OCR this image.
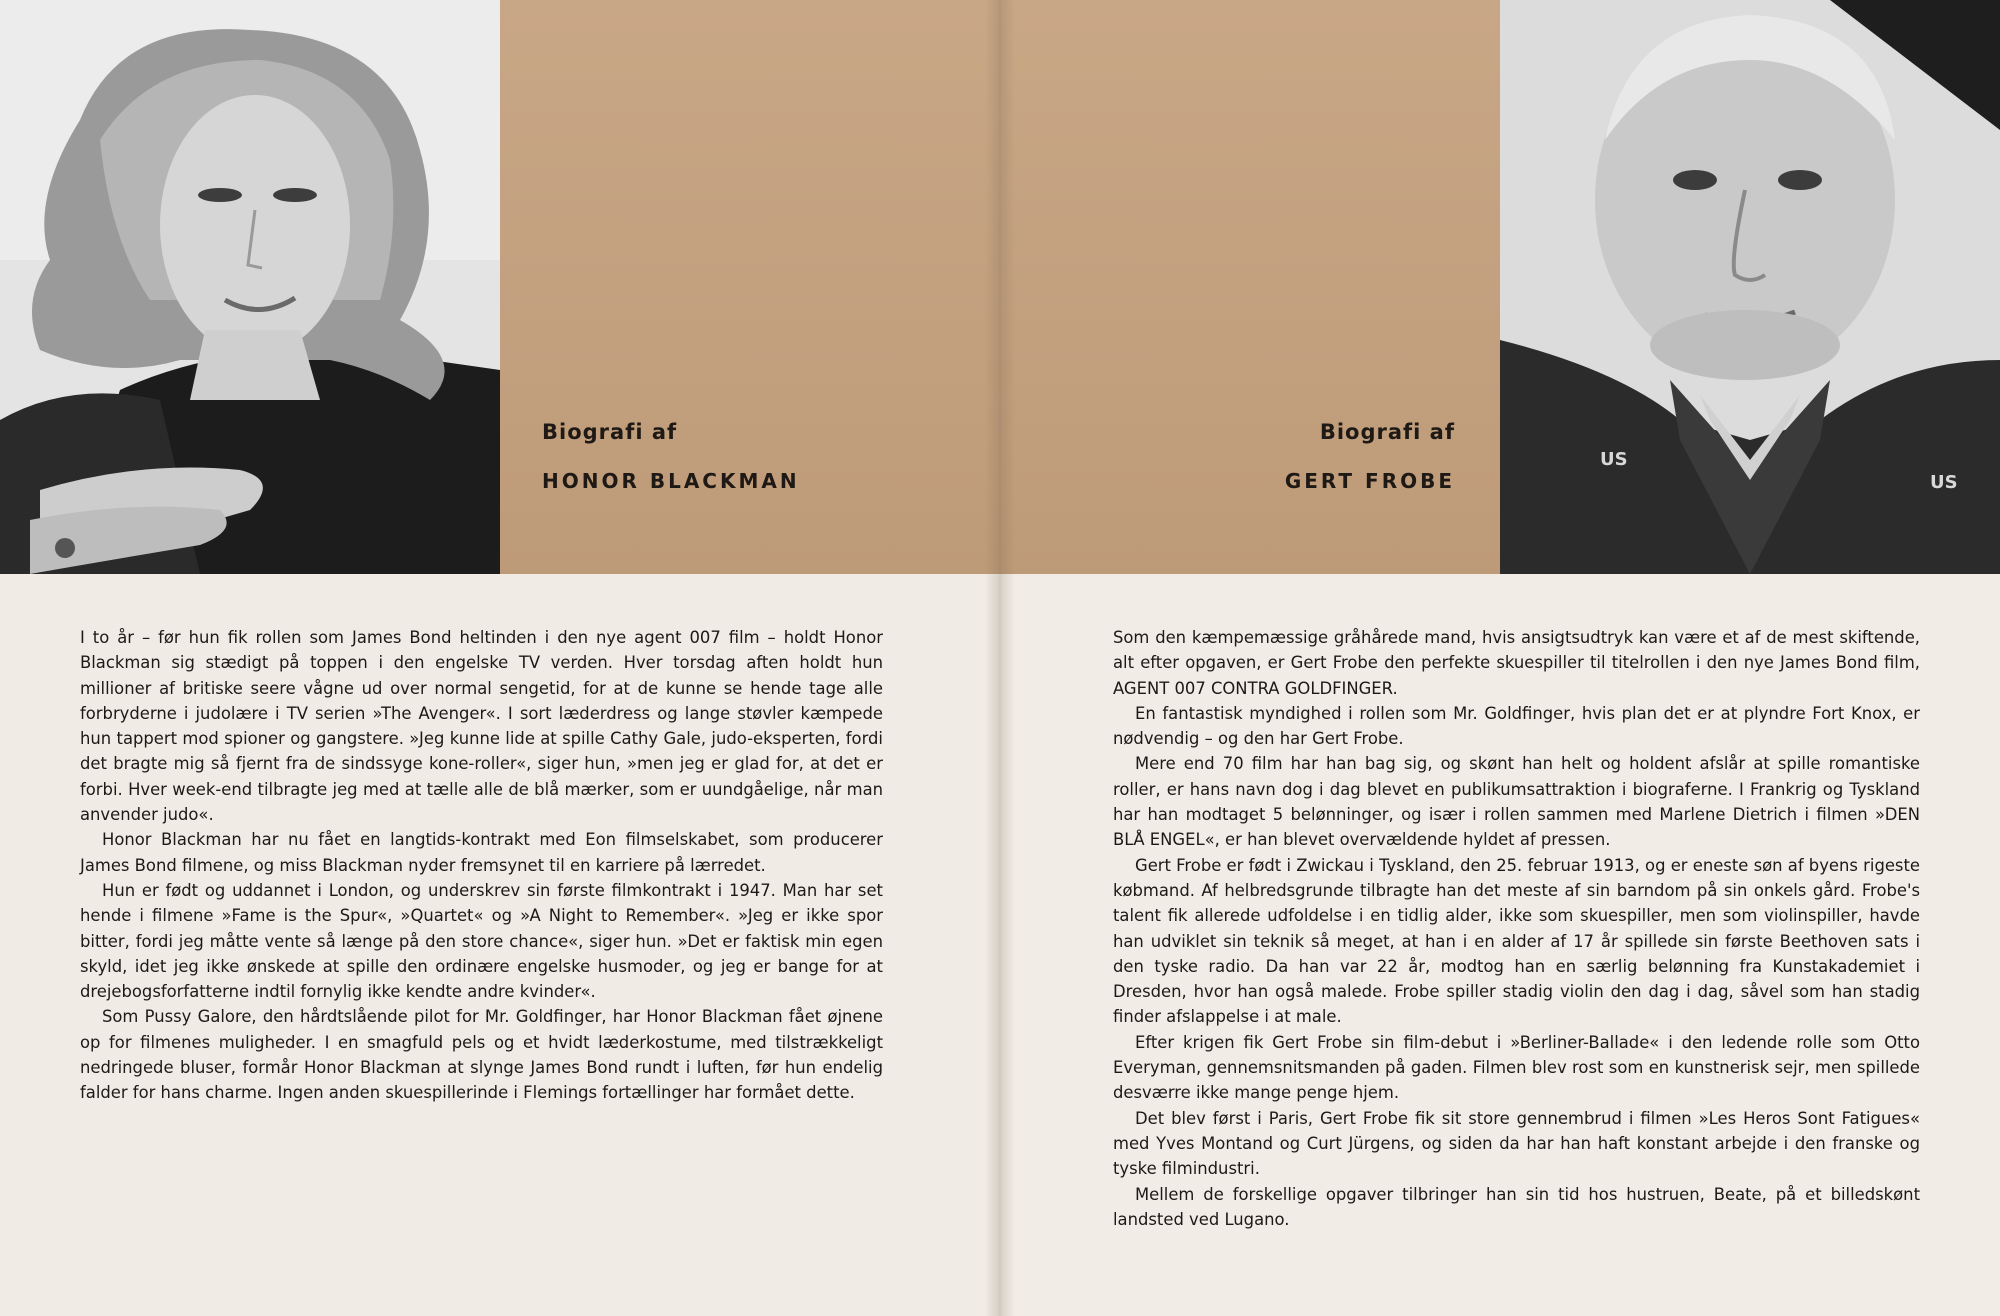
Biografi af
HONOR BLACKMAN

I to år – før hun fik rollen som James Bond heltinden i den nye agent 007 film – holdt Honor Blackman sig stædigt på toppen i den engelske TV verden. Hver torsdag aften holdt hun millioner af britiske seere vågne ud over normal sengetid, for at de kunne se hende tage alle forbryderne i judolære i TV serien »The Avenger«. I sort læderdress og lange støvler kæmpede hun tappert mod spioner og gangstere. »Jeg kunne lide at spille Cathy Gale, judo-eksperten, fordi det bragte mig så fjernt fra de sindssyge kone-roller«, siger hun, »men jeg er glad for, at det er forbi. Hver week-end tilbragte jeg med at tælle alle de blå mærker, som er uundgåelige, når man anvender judo«.

Honor Blackman har nu fået en langtids-kontrakt med Eon filmselskabet, som producerer James Bond filmene, og miss Blackman nyder fremsynet til en karriere på lærredet.

Hun er født og uddannet i London, og underskrev sin første filmkontrakt i 1947. Man har set hende i filmene »Fame is the Spur«, »Quartet« og »A Night to Remember«. »Jeg er ikke spor bitter, fordi jeg måtte vente så længe på den store chance«, siger hun. »Det er faktisk min egen skyld, idet jeg ikke ønskede at spille den ordinære engelske husmoder, og jeg er bange for at drejebogsforfatterne indtil fornylig ikke kendte andre kvinder«.

Som Pussy Galore, den hårdtslående pilot for Mr. Goldfinger, har Honor Blackman fået øjnene op for filmenes muligheder. I en smagfuld pels og et hvidt læderkostume, med tilstrækkeligt nedringede bluser, formår Honor Blackman at slynge James Bond rundt i luften, før hun endelig falder for hans charme. Ingen anden skuespillerinde i Flemings fortællinger har formået dette.

Biografi af
GERT FROBE
US
US

Som den kæmpemæssige gråhårede mand, hvis ansigtsudtryk kan være et af de mest skiftende, alt efter opgaven, er Gert Frobe den perfekte skuespiller til titelrollen i den nye James Bond film, AGENT 007 CONTRA GOLDFINGER.

En fantastisk myndighed i rollen som Mr. Goldfinger, hvis plan det er at plyndre Fort Knox, er nødvendig – og den har Gert Frobe.

Mere end 70 film har han bag sig, og skønt han helt og holdent afslår at spille romantiske roller, er hans navn dog i dag blevet en publikumsattraktion i biograferne. I Frankrig og Tyskland har han modtaget 5 belønninger, og især i rollen sammen med Marlene Dietrich i filmen »DEN BLÅ ENGEL«, er han blevet overvældende hyldet af pressen.

Gert Frobe er født i Zwickau i Tyskland, den 25. februar 1913, og er eneste søn af byens rigeste købmand. Af helbredsgrunde tilbragte han det meste af sin barndom på sin onkels gård. Frobe's talent fik allerede udfoldelse i en tidlig alder, ikke som skuespiller, men som violinspiller, havde han udviklet sin teknik så meget, at han i en alder af 17 år spillede sin første Beethoven sats i den tyske radio. Da han var 22 år, modtog han en særlig belønning fra Kunstakademiet i Dresden, hvor han også malede. Frobe spiller stadig violin den dag i dag, såvel som han stadig finder afslappelse i at male.

Efter krigen fik Gert Frobe sin film-debut i »Berliner-Ballade« i den ledende rolle som Otto Everyman, gennemsnitsmanden på gaden. Filmen blev rost som en kunstnerisk sejr, men spillede desværre ikke mange penge hjem.

Det blev først i Paris, Gert Frobe fik sit store gennembrud i filmen »Les Heros Sont Fatigues« med Yves Montand og Curt Jürgens, og siden da har han haft konstant arbejde i den franske og tyske filmindustri.

Mellem de forskellige opgaver tilbringer han sin tid hos hustruen, Beate, på et billedskønt landsted ved Lugano.
